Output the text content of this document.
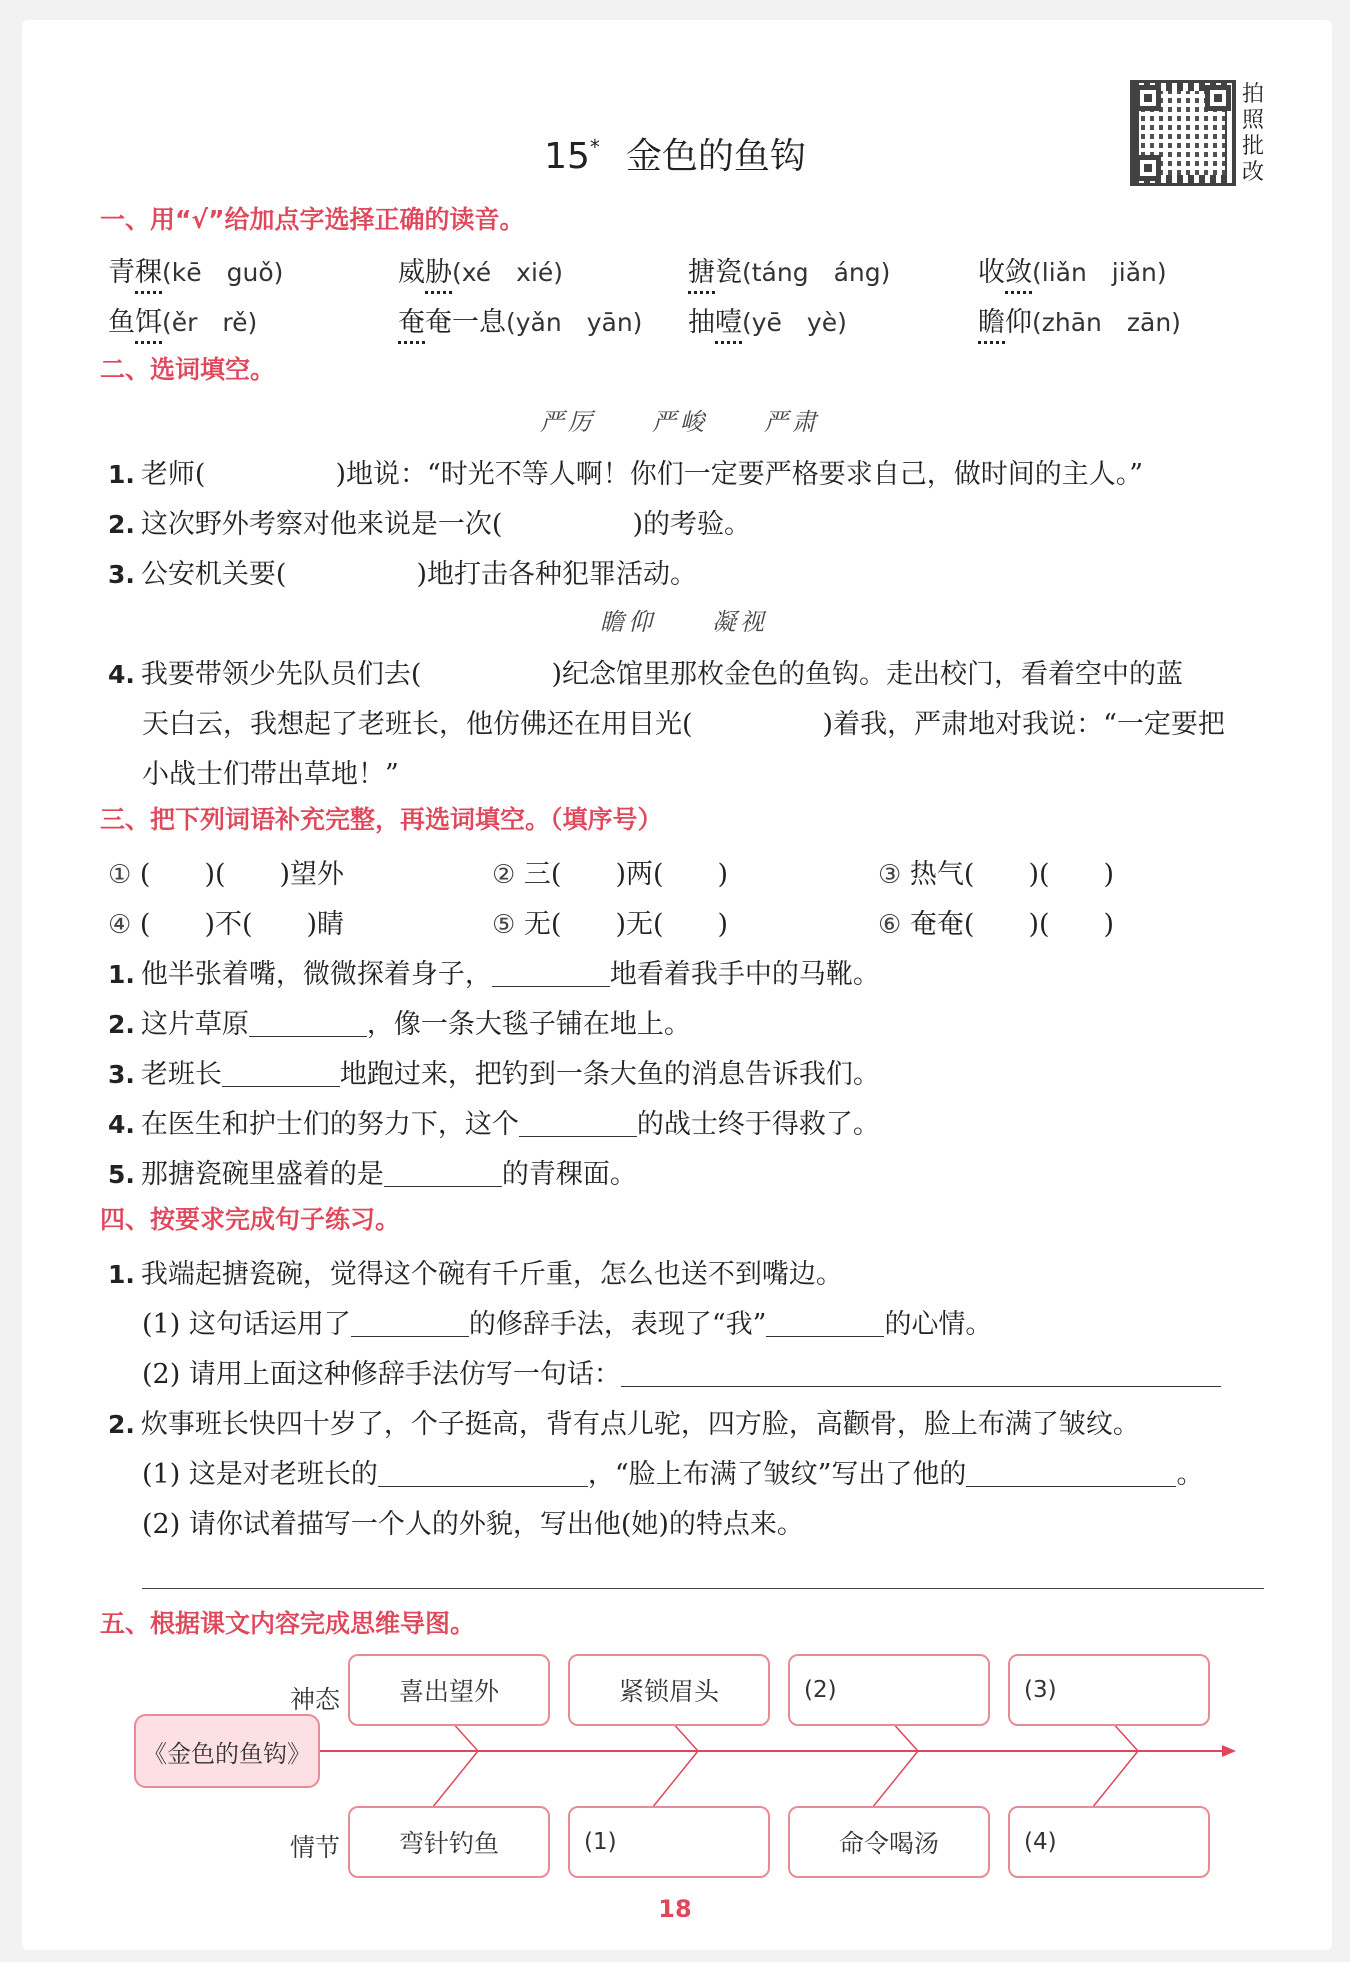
15* 金色的鱼钩
拍照批改
一、用“√”给加点字选择正确的读音。
青稞(kē　guǒ)	威胁(xé　xié)	搪瓷(táng　áng)	收敛(liǎn　jiǎn)
鱼饵(ěr　rě)	奄奄一息(yǎn　yān) 抽噎(yē　yè)	瞻仰(zhān　zān)
二、选词填空。
严厉　　严峻　　严肃
1. 老师(	)地说：“时光不等人啊！你们一定要严格要求自己，做时间的主人。”
2. 这次野外考察对他来说是一次(	)的考验。
3. 公安机关要(	)地打击各种犯罪活动。
瞻仰　　凝视
4. 我要带领少先队员们去(	)纪念馆里那枚金色的鱼钩。走出校门，看着空中的蓝
天白云，我想起了老班长，他仿佛还在用目光(	)着我，严肃地对我说：“一定要把
小战士们带出草地！”
三、把下列词语补充完整，再选词填空。（填序号）
① (　　)(　　)望外	② 三(　　)两(　　)	③ 热气(　　)(　　)
④ (　　)不(　　)睛	⑤ 无(　　)无(　　)	⑥ 奄奄(　　)(　　)
1. 他半张着嘴，微微探着身子，	地看着我手中的马靴。
2. 这片草原	，像一条大毯子铺在地上。
3. 老班长	地跑过来，把钓到一条大鱼的消息告诉我们。
4. 在医生和护士们的努力下，这个	的战士终于得救了。
5. 那搪瓷碗里盛着的是	的青稞面。
四、按要求完成句子练习。
1. 我端起搪瓷碗，觉得这个碗有千斤重，怎么也送不到嘴边。
(1) 这句话运用了	的修辞手法，表现了“我”	的心情。
(2) 请用上面这种修辞手法仿写一句话：
2. 炊事班长快四十岁了，个子挺高，背有点儿驼，四方脸，高颧骨，脸上布满了皱纹。
(1) 这是对老班长的	，“脸上布满了皱纹”写出了他的	。
(2) 请你试着描写一个人的外貌，写出他(她)的特点来。
五、根据课文内容完成思维导图。
神态
情节
《金色的鱼钩》
喜出望外	紧锁眉头	(2)	(3)
弯针钓鱼	(1)	命令喝汤	(4)
18
